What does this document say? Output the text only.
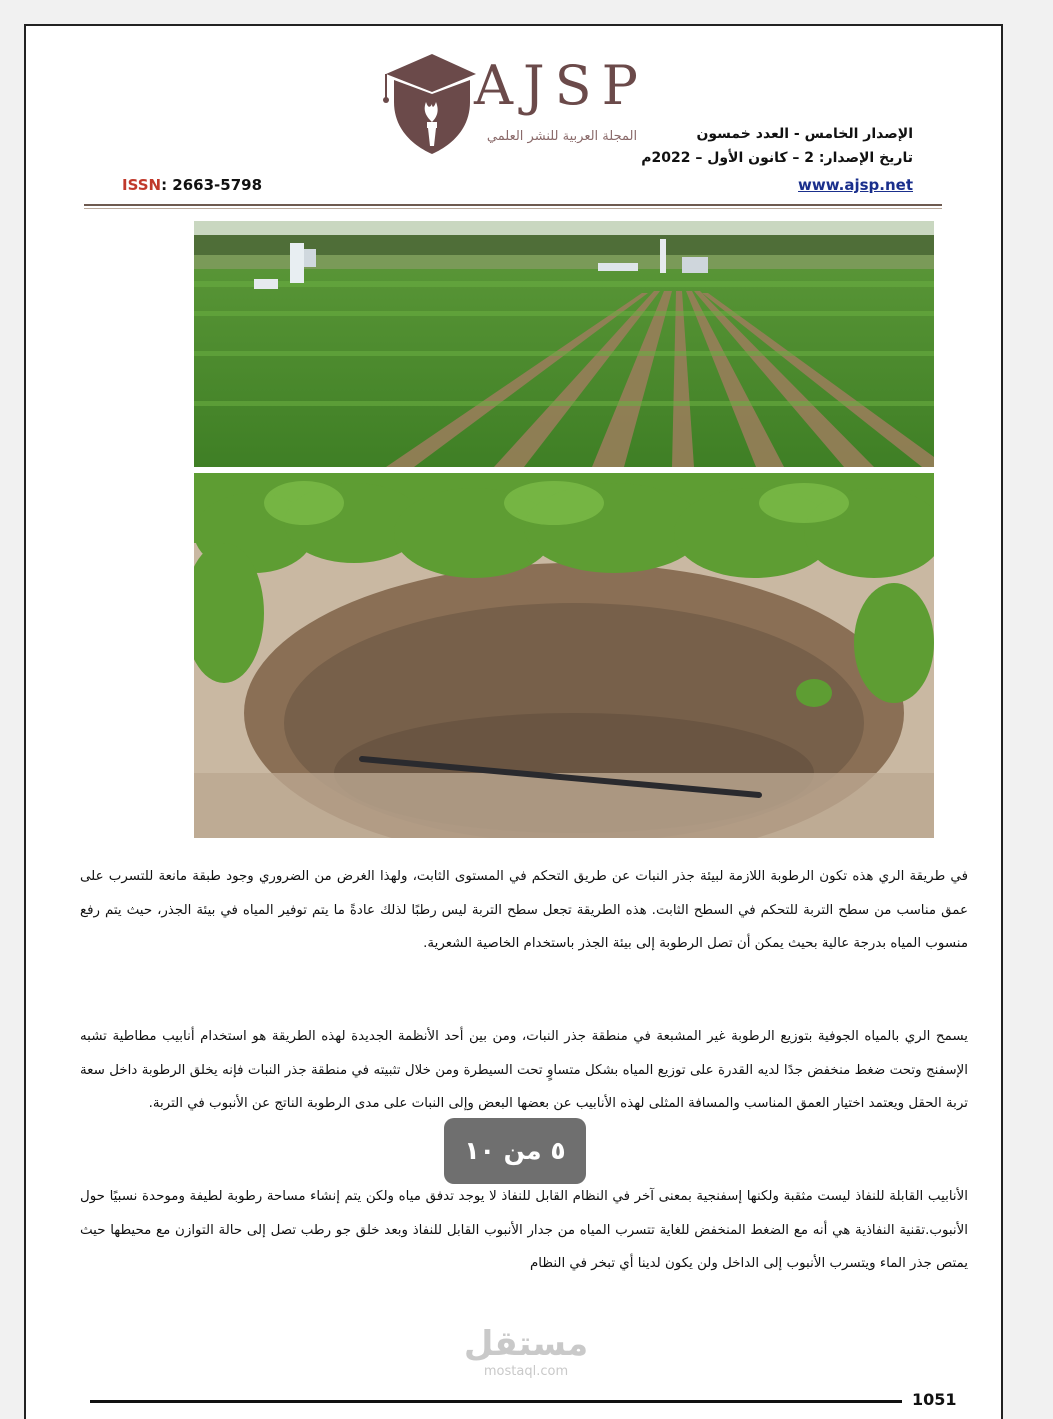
AJSP
المجلة العربية للنشر العلمي	الإصدار الخامس - العدد خمسون
تاريخ الإصدار: 2 – كانون الأول – 2022م
ISSN: 2663-5798	www.ajsp.net
في طريقة الري هذه تكون الرطوبة اللازمة لبيئة جذر النبات عن طريق التحكم في المستوى الثابت، ولهذا الغرض من الضروري وجود طبقة مانعة للتسرب على عمق مناسب من سطح التربة للتحكم في السطح الثابت. هذه الطريقة تجعل سطح التربة ليس رطبًا لذلك عادةً ما يتم توفير المياه في بيئة الجذر، حيث يتم رفع منسوب المياه بدرجة عالية بحيث يمكن أن تصل الرطوبة إلى بيئة الجذر باستخدام الخاصية الشعرية.
يسمح الري بالمياه الجوفية بتوزيع الرطوبة غير المشبعة في منطقة جذر النبات، ومن بين أحد الأنظمة الجديدة لهذه الطريقة هو استخدام أنابيب مطاطية تشبه الإسفنج وتحت ضغط منخفض جدًا لديه القدرة على توزيع المياه بشكل متساوٍ تحت السيطرة ومن خلال تثبيته في منطقة جذر النبات فإنه يخلق الرطوبة داخل سعة تربة الحقل ويعتمد اختيار العمق المناسب والمسافة المثلى لهذه الأنابيب عن بعضها البعض وإلى النبات على مدى الرطوبة الناتج عن الأنبوب في التربة.
الأنابيب القابلة للنفاذ ليست مثقبة ولكنها إسفنجية بمعنى آخر في النظام القابل للنفاذ لا يوجد تدفق مياه ولكن يتم إنشاء مساحة رطوبة لطيفة وموحدة نسبيًا حول الأنبوب.تقنية النفاذية هي أنه مع الضغط المنخفض للغاية تتسرب المياه من جدار الأنبوب القابل للنفاذ وبعد خلق جو رطب تصل إلى حالة التوازن مع محيطها حيث يمتص جذر الماء ويتسرب الأنبوب إلى الداخل ولن يكون لدينا أي تبخر في النظام
٥ من ١٠
مستقل
mostaql.com
1051
